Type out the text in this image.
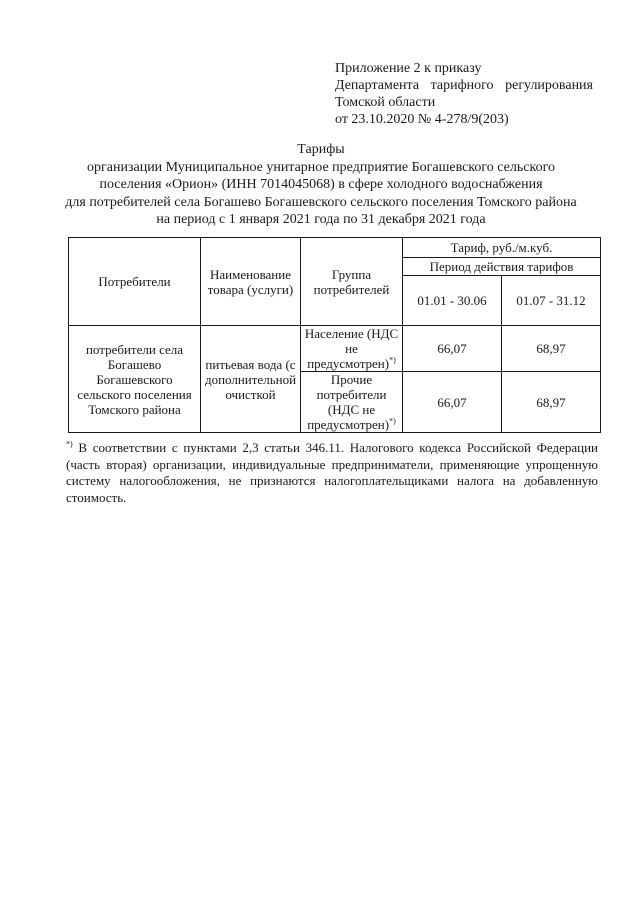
Приложение 2 к приказу
Департамента тарифного регулирования
Томской области
от 23.10.2020 № 4-278/9(203)
Тарифы
организации Муниципальное унитарное предприятие Богашевского сельского
поселения «Орион» (ИНН 7014045068) в сфере холодного водоснабжения
для потребителей села Богашево Богашевского сельского поселения Томского района
на период с 1 января 2021 года по 31 декабря 2021 года
Потребители	Наименование товара (услуги)	Группа потребителей	Тариф, руб./м.куб.	
			Период действия тарифов	
			01.01 - 30.06	01.07 - 31.12
потребители села Богашево Богашевского сельского поселения Томского района	питьевая вода (с дополнительной очисткой	Население (НДС не предусмотрен)*)	66,07	68,97
		Прочие потребители (НДС не предусмотрен)*)	66,07	68,97
*) В соответствии с пунктами 2,3 статьи 346.11. Налогового кодекса Российской Федерации (часть вторая) организации, индивидуальные предприниматели, применяющие упрощенную систему налогообложения, не признаются налогоплательщиками налога на добавленную стоимость.
